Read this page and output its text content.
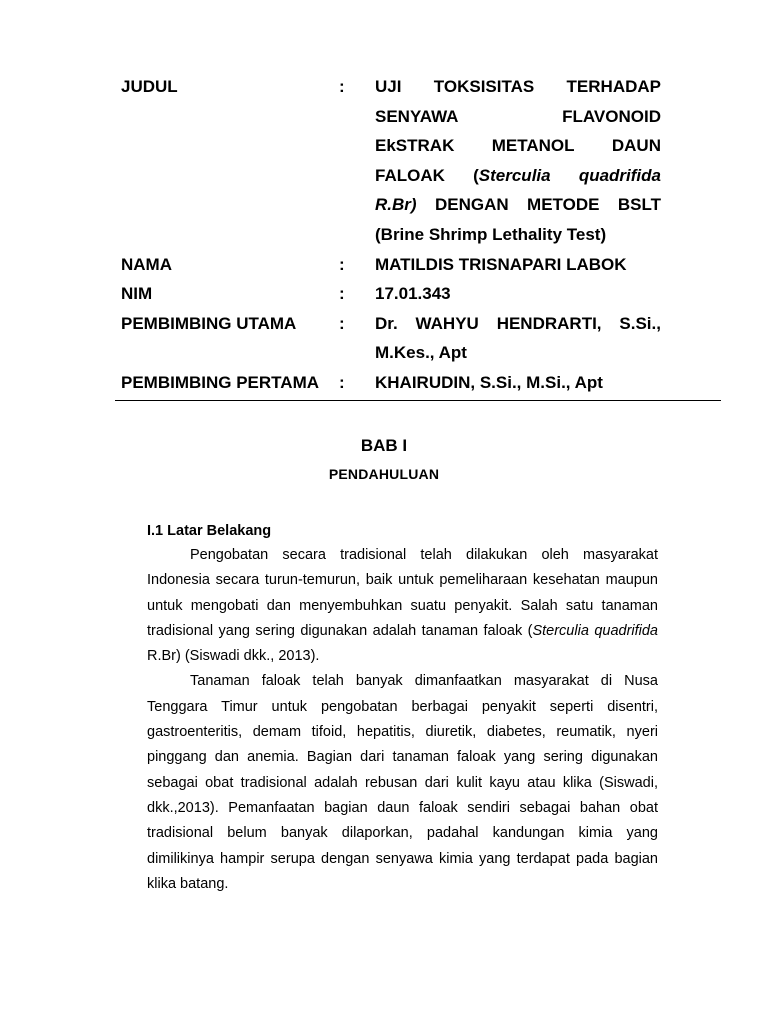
JUDUL	:	UJI TOKSISITAS TERHADAP
SENYAWA	FLAVONOID
EkSTRAK METANOL DAUN
FALOAK (Sterculia quadrifida
R.Br) DENGAN METODE BSLT
(Brine Shrimp Lethality Test)
NAMA	:	MATILDIS TRISNAPARI LABOK
NIM	:	17.01.343
PEMBIMBING UTAMA	:	Dr. WAHYU HENDRARTI, S.Si.,
M.Kes., Apt
PEMBIMBING PERTAMA	:	KHAIRUDIN, S.Si., M.Si., Apt
BAB I
PENDAHULUAN
I.1 Latar Belakang

Pengobatan secara tradisional telah dilakukan oleh masyarakat Indonesia secara turun-temurun, baik untuk pemeliharaan kesehatan maupun untuk mengobati dan menyembuhkan suatu penyakit. Salah satu tanaman tradisional yang sering digunakan adalah tanaman faloak (Sterculia quadrifida R.Br) (Siswadi dkk., 2013).

Tanaman faloak telah banyak dimanfaatkan masyarakat di Nusa Tenggara Timur untuk pengobatan berbagai penyakit seperti disentri, gastroenteritis, demam tifoid, hepatitis, diuretik, diabetes, reumatik, nyeri pinggang dan anemia. Bagian dari tanaman faloak yang sering digunakan sebagai obat tradisional adalah rebusan dari kulit kayu atau klika (Siswadi, dkk.,2013). Pemanfaatan bagian daun faloak sendiri sebagai bahan obat tradisional belum banyak dilaporkan, padahal kandungan kimia yang dimilikinya hampir serupa dengan senyawa kimia yang terdapat pada bagian klika batang.
